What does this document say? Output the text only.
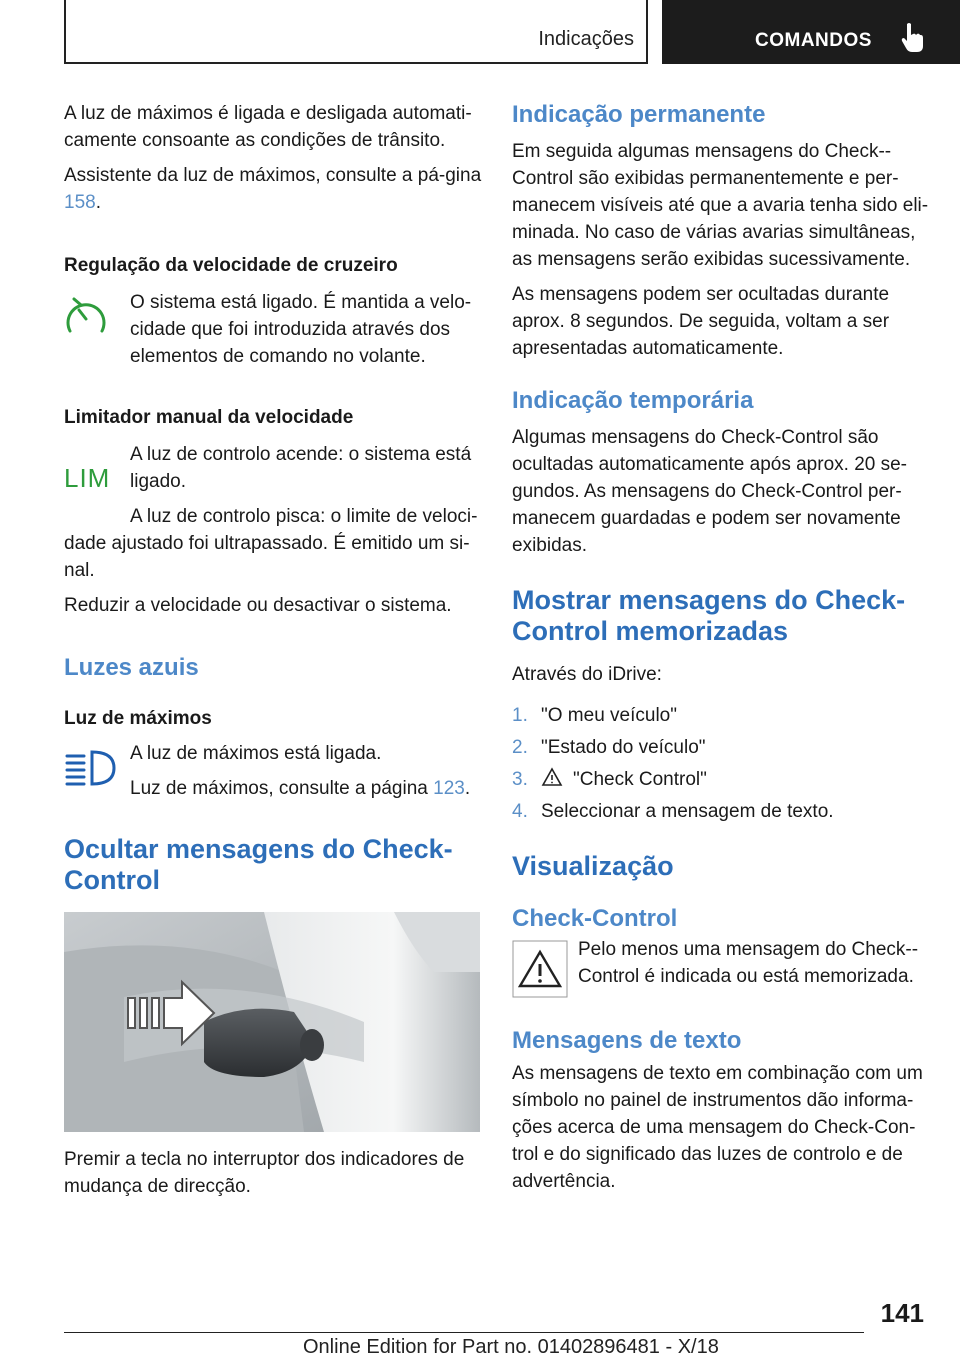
Indicações	COMANDOS

A luz de máximos é ligada e desligada automati-camente consoante as condições de trânsito.

Assistente da luz de máximos, consulte a pá-gina 158.

Regulação da velocidade de cruzeiro

O sistema está ligado. É mantida a velo-cidade que foi introduzida através dos elementos de comando no volante.

Limitador manual da velocidade
LIM

A luz de controlo acende: o sistema está ligado.

A luz de controlo pisca: o limite de veloci-dade ajustado foi ultrapassado. É emitido um si-nal.

Reduzir a velocidade ou desactivar o sistema.

Luzes azuis
Luz de máximos

A luz de máximos está ligada.

Luz de máximos, consulte a página 123.

Ocultar mensagens do Check-Control

Premir a tecla no interruptor dos indicadores de mudança de direcção.

Indicação permanente

Em seguida algumas mensagens do Check--Control são exibidas permanentemente e per-manecem visíveis até que a avaria tenha sido eli-minada. No caso de várias avarias simultâneas, as mensagens serão exibidas sucessivamente.

As mensagens podem ser ocultadas durante aprox. 8 segundos. De seguida, voltam a ser apresentadas automaticamente.

Indicação temporária

Algumas mensagens do Check-Control são ocultadas automaticamente após aprox. 20 se-gundos. As mensagens do Check-Control per-manecem guardadas e podem ser novamente exibidas.

Mostrar mensagens do Check-Control memorizadas

Através do iDrive:

1. "O meu veículo"
2. "Estado do veículo"
3. "Check Control"
4. Seleccionar a mensagem de texto.
Visualização
Check-Control

Pelo menos uma mensagem do Check--Control é indicada ou está memorizada.

Mensagens de texto

As mensagens de texto em combinação com um símbolo no painel de instrumentos dão informa-ções acerca de uma mensagem do Check-Con-trol e do significado das luzes de controlo e de advertência.

141
Online Edition for Part no. 01402896481 - X/18
